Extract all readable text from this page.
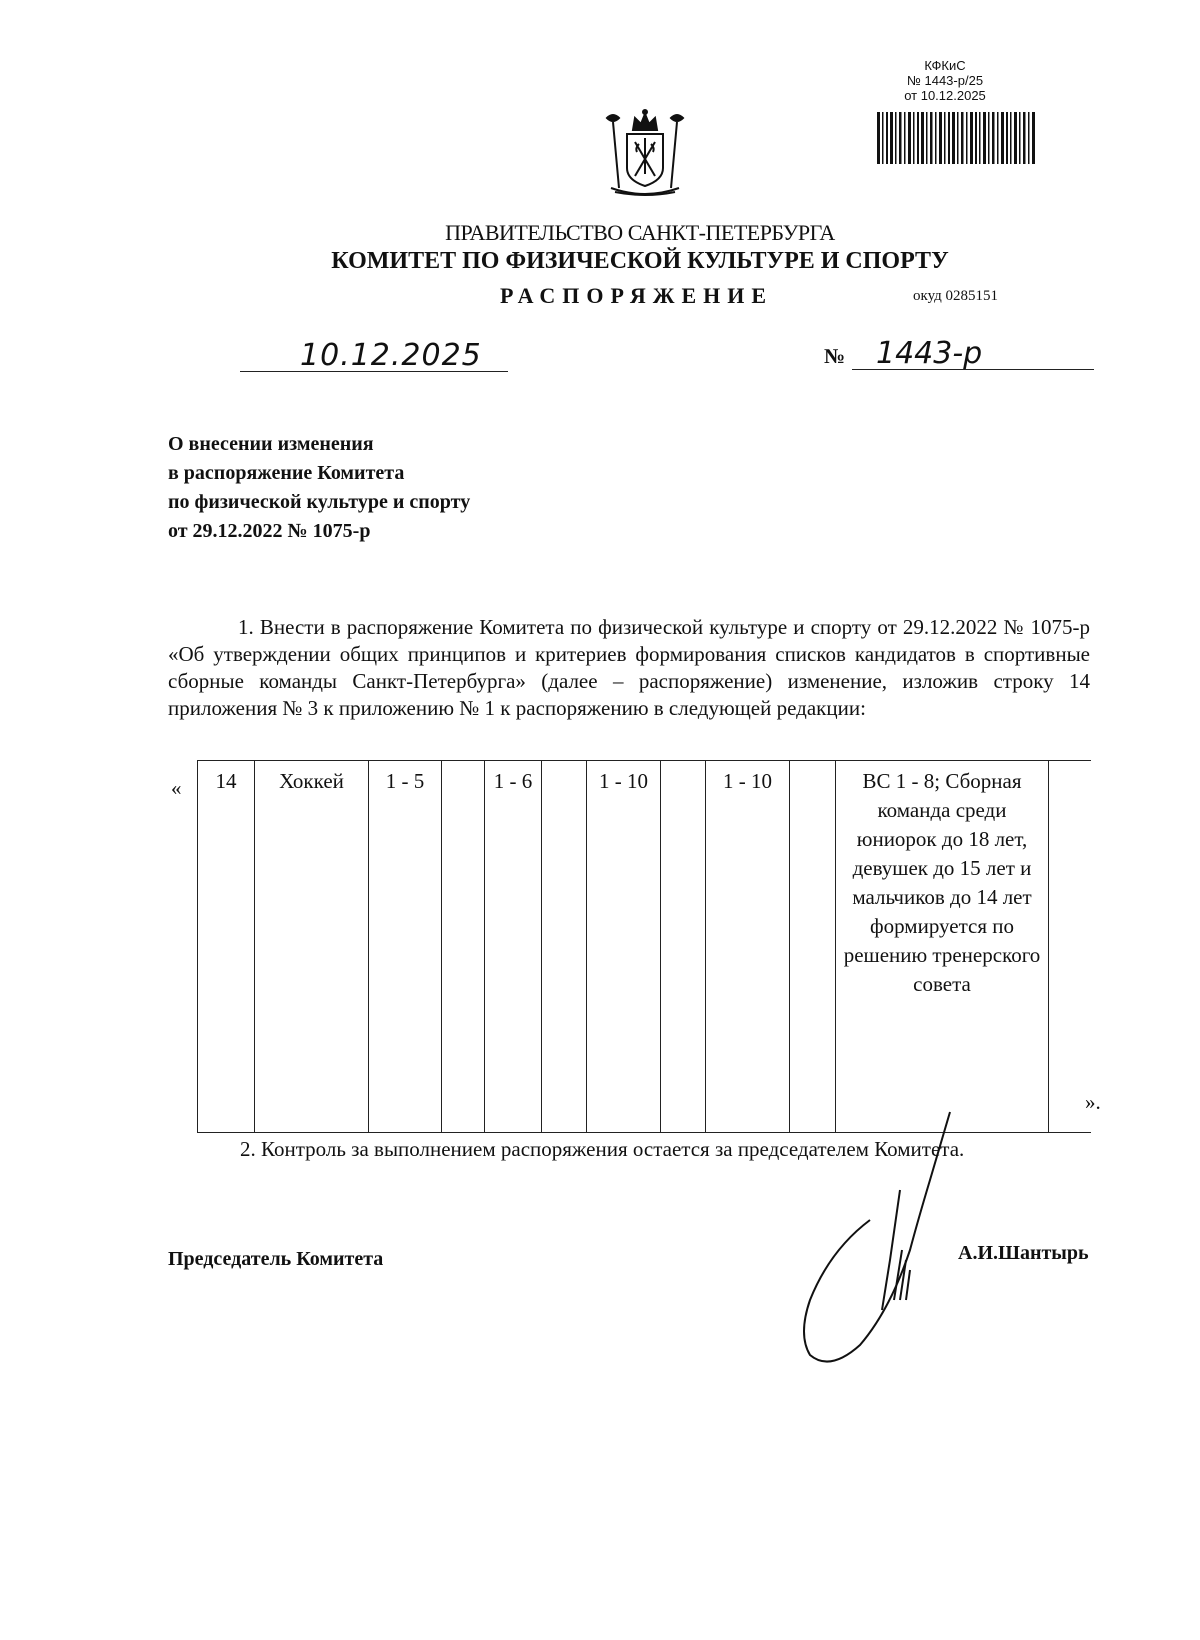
КФКиС
№ 1443-р/25
от 10.12.2025
ПРАВИТЕЛЬСТВО САНКТ-ПЕТЕРБУРГА
КОМИТЕТ ПО ФИЗИЧЕСКОЙ КУЛЬТУРЕ И СПОРТУ
РАСПОРЯЖЕНИЕ	окуд 0285151
10.12.2025	№ 1443-р
О внесении изменения
в распоряжение Комитета
по физической культуре и спорту
от 29.12.2022 № 1075-р

1. Внести в распоряжение Комитета по физической культуре и спорту от 29.12.2022 № 1075-р «Об утверждении общих принципов и критериев формирования списков кандидатов в спортивные сборные команды Санкт-Петербурга» (далее – распоряжение) изменение, изложив строку 14 приложения № 3 к приложению № 1 к распоряжению в следующей редакции:

« 14	Хоккей	1 - 5		1 - 6		1 - 10		1 - 10		ВС 1 - 8; Сборная команда среди юниорок до 18 лет, девушек до 15 лет и мальчиков до 14 лет формируется по решению тренерского совета	
».
2. Контроль за выполнением распоряжения остается за председателем Комитета.
Председатель Комитета	А.И.Шантырь
